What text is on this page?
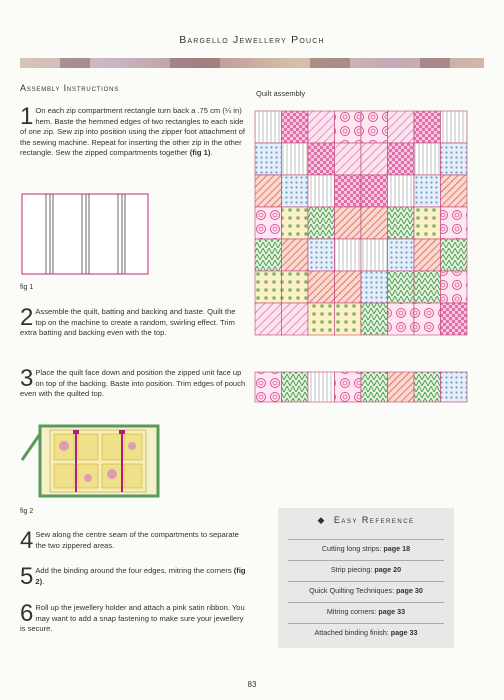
Bargello Jewellery Pouch
Assembly Instructions
Quilt assembly
1 On each zip compartment rectangle turn back a .75 cm (¼ in) hem. Baste the hemmed edges of two rectangles to each side of one zip. Sew zip into position using the zipper foot attachment of the sewing machine. Repeat for inserting the other zip in the other rectangle. Sew the zipped compartments together (fig 1).
fig 1
2 Assemble the quilt, batting and backing and baste. Quilt the top on the machine to create a random, swirling effect. Trim extra batting and backing even with the top.
3 Place the quilt face down and position the zipped unit face up on top of the backing. Baste into position. Trim edges of pouch even with the quilted top.
fig 2
4 Sew along the centre seam of the compartments to separate the two zippered areas.
5 Add the binding around the four edges, mitring the corners (fig 2).
6 Roll up the jewellery holder and attach a pink satin ribbon. You may want to add a snap fastening to make sure your jewellery is secure.
◆ Easy Reference
Cutting long strips: page 18
Strip piecing: page 20
Quick Quilting Techniques: page 30
Mitring corners: page 33
Attached binding finish: page 33
83
